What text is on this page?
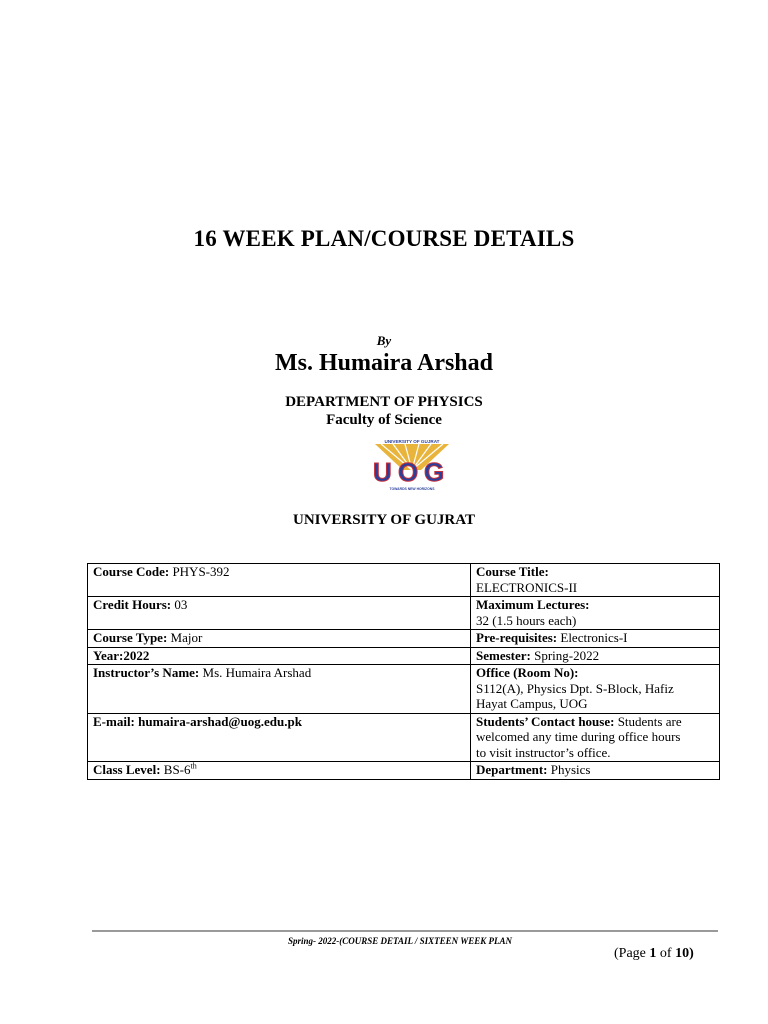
16 WEEK PLAN/COURSE DETAILS
By
Ms. Humaira Arshad
DEPARTMENT OF PHYSICS
Faculty of Science
UNIVERSITY OF GUJRAT
U O G
TOWARDS NEW HORIZONS
UNIVERSITY OF GUJRAT
Course Code: PHYS-392	Course Title:
ELECTRONICS-II
Credit Hours: 03	Maximum Lectures:
32 (1.5 hours each)
Course Type: Major	Pre-requisites: Electronics-I
Year:2022	Semester: Spring-2022
Instructor’s Name: Ms. Humaira Arshad	Office (Room No):
S112(A), Physics Dpt. S-Block, Hafiz
Hayat Campus, UOG
E-mail: humaira-arshad@uog.edu.pk	Students’ Contact house: Students are
welcomed any time during office hours
to visit instructor’s office.
Class Level: BS-6th	Department: Physics
Spring- 2022-(COURSE DETAIL / SIXTEEN WEEK PLAN
(Page 1 of 10)
